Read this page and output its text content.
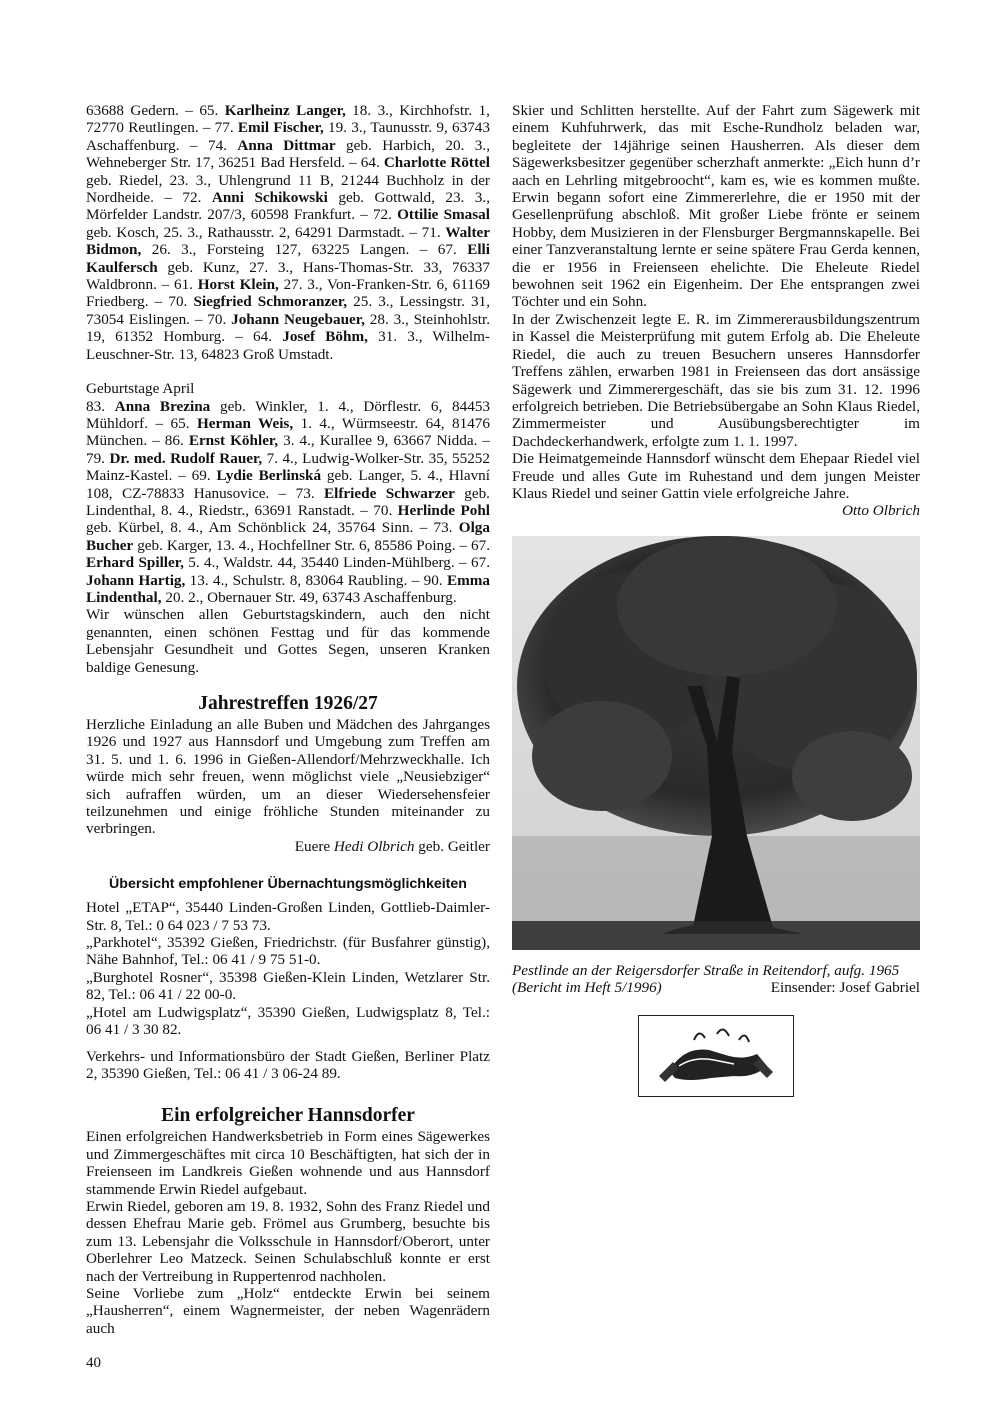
63688 Gedern. – 65. Karlheinz Langer, 18. 3., Kirchhofstr. 1, 72770 Reutlingen. – 77. Emil Fischer, 19. 3., Taunusstr. 9, 63743 Aschaffenburg. – 74. Anna Dittmar geb. Harbich, 20. 3., Wehneberger Str. 17, 36251 Bad Hersfeld. – 64. Charlotte Röttel geb. Riedel, 23. 3., Uhlengrund 11 B, 21244 Buchholz in der Nordheide. – 72. Anni Schikowski geb. Gottwald, 23. 3., Mörfelder Landstr. 207/3, 60598 Frankfurt. – 72. Ottilie Smasal geb. Kosch, 25. 3., Rathausstr. 2, 64291 Darmstadt. – 71. Walter Bidmon, 26. 3., Forsteing 127, 63225 Langen. – 67. Elli Kaulfersch geb. Kunz, 27. 3., Hans-Thomas-Str. 33, 76337 Waldbronn. – 61. Horst Klein, 27. 3., Von-Franken-Str. 6, 61169 Friedberg. – 70. Siegfried Schmoranzer, 25. 3., Lessingstr. 31, 73054 Eislingen. – 70. Johann Neugebauer, 28. 3., Steinhohlstr. 19, 61352 Homburg. – 64. Josef Böhm, 31. 3., Wilhelm-Leuschner-Str. 13, 64823 Groß Umstadt.

Geburtstage April

83. Anna Brezina geb. Winkler, 1. 4., Dörflestr. 6, 84453 Mühldorf. – 65. Herman Weis, 1. 4., Würmseestr. 64, 81476 München. – 86. Ernst Köhler, 3. 4., Kurallee 9, 63667 Nidda. – 79. Dr. med. Rudolf Rauer, 7. 4., Ludwig-Wolker-Str. 35, 55252 Mainz-Kastel. – 69. Lydie Berlinská geb. Langer, 5. 4., Hlavní 108, CZ-78833 Hanusovice. – 73. Elfriede Schwarzer geb. Lindenthal, 8. 4., Riedstr., 63691 Ranstadt. – 70. Herlinde Pohl geb. Kürbel, 8. 4., Am Schönblick 24, 35764 Sinn. – 73. Olga Bucher geb. Karger, 13. 4., Hochfellner Str. 6, 85586 Poing. – 67. Erhard Spiller, 5. 4., Waldstr. 44, 35440 Linden-Mühlberg. – 67. Johann Hartig, 13. 4., Schulstr. 8, 83064 Raubling. – 90. Emma Lindenthal, 20. 2., Obernauer Str. 49, 63743 Aschaffenburg.

Wir wünschen allen Geburtstagskindern, auch den nicht genannten, einen schönen Festtag und für das kommende Lebensjahr Gesundheit und Gottes Segen, unseren Kranken baldige Genesung.

Jahrestreffen 1926/27

Herzliche Einladung an alle Buben und Mädchen des Jahrganges 1926 und 1927 aus Hannsdorf und Umgebung zum Treffen am 31. 5. und 1. 6. 1996 in Gießen-Allendorf/Mehrzweckhalle. Ich würde mich sehr freuen, wenn möglichst viele „Neusiebziger“ sich aufraffen würden, um an dieser Wiedersehensfeier teilzunehmen und einige fröhliche Stunden miteinander zu verbringen.

Euere Hedi Olbrich geb. Geitler

Übersicht empfohlener Übernachtungsmöglichkeiten

Hotel „ETAP“, 35440 Linden-Großen Linden, Gottlieb-Daimler-Str. 8, Tel.: 0 64 023 / 7 53 73.

„Parkhotel“, 35392 Gießen, Friedrichstr. (für Busfahrer günstig), Nähe Bahnhof, Tel.: 06 41 / 9 75 51-0.

„Burghotel Rosner“, 35398 Gießen-Klein Linden, Wetzlarer Str. 82, Tel.: 06 41 / 22 00-0.

„Hotel am Ludwigsplatz“, 35390 Gießen, Ludwigsplatz 8, Tel.: 06 41 / 3 30 82.

Verkehrs- und Informationsbüro der Stadt Gießen, Berliner Platz 2, 35390 Gießen, Tel.: 06 41 / 3 06-24 89.

Ein erfolgreicher Hannsdorfer

Einen erfolgreichen Handwerksbetrieb in Form eines Sägewerkes und Zimmergeschäftes mit circa 10 Beschäftigten, hat sich der in Freienseen im Landkreis Gießen wohnende und aus Hannsdorf stammende Erwin Riedel aufgebaut.

Erwin Riedel, geboren am 19. 8. 1932, Sohn des Franz Riedel und dessen Ehefrau Marie geb. Frömel aus Grumberg, besuchte bis zum 13. Lebensjahr die Volksschule in Hannsdorf/Oberort, unter Oberlehrer Leo Matzeck. Seinen Schulabschluß konnte er erst nach der Vertreibung in Ruppertenrod nachholen.

Seine Vorliebe zum „Holz“ entdeckte Erwin bei seinem „Hausherren“, einem Wagnermeister, der neben Wagenrädern auch

Skier und Schlitten herstellte. Auf der Fahrt zum Sägewerk mit einem Kuhfuhrwerk, das mit Esche-Rundholz beladen war, begleitete der 14jährige seinen Hausherren. Als dieser dem Sägewerksbesitzer gegenüber scherzhaft anmerkte: „Eich hunn d’r aach en Lehrling mitgebroocht“, kam es, wie es kommen mußte. Erwin begann sofort eine Zimmererlehre, die er 1950 mit der Gesellenprüfung abschloß. Mit großer Liebe frönte er seinem Hobby, dem Musizieren in der Flensburger Bergmannskapelle. Bei einer Tanzveranstaltung lernte er seine spätere Frau Gerda kennen, die er 1956 in Freienseen ehelichte. Die Eheleute Riedel bewohnen seit 1962 ein Eigenheim. Der Ehe entsprangen zwei Töchter und ein Sohn.

In der Zwischenzeit legte E. R. im Zimmererausbildungszentrum in Kassel die Meisterprüfung mit gutem Erfolg ab. Die Eheleute Riedel, die auch zu treuen Besuchern unseres Hannsdorfer Treffens zählen, erwarben 1981 in Freienseen das dort ansässige Sägewerk und Zimmerergeschäft, das sie bis zum 31. 12. 1996 erfolgreich betrieben. Die Betriebsübergabe an Sohn Klaus Riedel, Zimmermeister und Ausübungsberechtigter im Dachdeckerhandwerk, erfolgte zum 1. 1. 1997.

Die Heimatgemeinde Hannsdorf wünscht dem Ehepaar Riedel viel Freude und alles Gute im Ruhestand und dem jungen Meister Klaus Riedel und seiner Gattin viele erfolgreiche Jahre.

Otto Olbrich

Pestlinde an der Reigersdorfer Straße in Reitendorf, aufg. 1965
(Bericht im Heft 5/1996)	Einsender: Josef Gabriel
40
